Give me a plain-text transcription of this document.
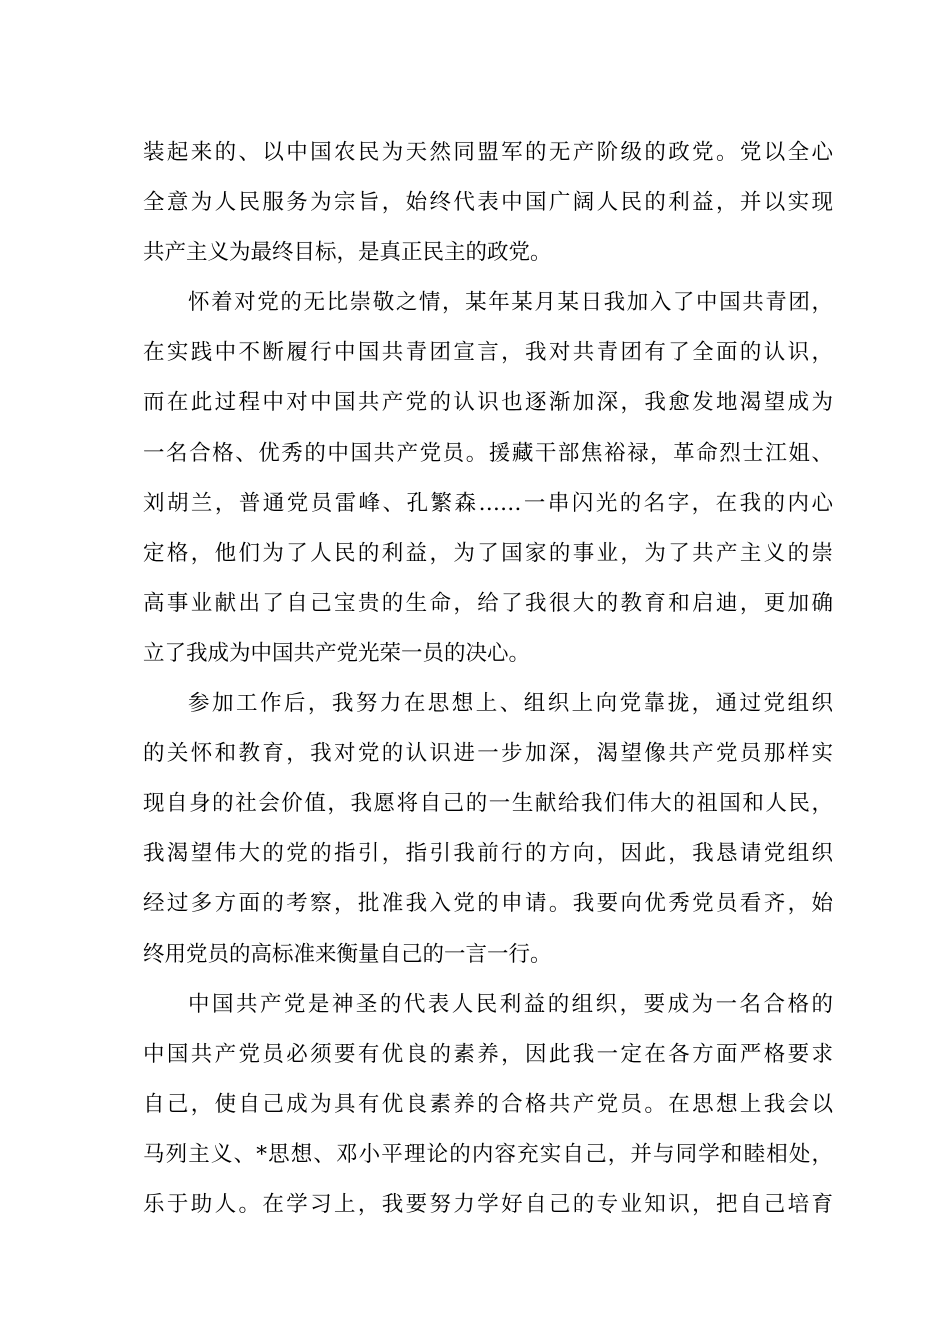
装起来的、以中国农民为天然同盟军的无产阶级的政党。党以全心
全意为人民服务为宗旨，始终代表中国广阔人民的利益，并以实现
共产主义为最终目标，是真正民主的政党。
怀着对党的无比崇敬之情，某年某月某日我加入了中国共青团，
在实践中不断履行中国共青团宣言，我对共青团有了全面的认识，
而在此过程中对中国共产党的认识也逐渐加深，我愈发地渴望成为
一名合格、优秀的中国共产党员。援藏干部焦裕禄，革命烈士江姐、
刘胡兰，普通党员雷峰、孔繁森……一串闪光的名字，在我的内心
定格，他们为了人民的利益，为了国家的事业，为了共产主义的崇
高事业献出了自己宝贵的生命，给了我很大的教育和启迪，更加确
立了我成为中国共产党光荣一员的决心。
参加工作后，我努力在思想上、组织上向党靠拢，通过党组织
的关怀和教育，我对党的认识进一步加深，渴望像共产党员那样实
现自身的社会价值，我愿将自己的一生献给我们伟大的祖国和人民，
我渴望伟大的党的指引，指引我前行的方向，因此，我恳请党组织
经过多方面的考察，批准我入党的申请。我要向优秀党员看齐，始
终用党员的高标准来衡量自己的一言一行。
中国共产党是神圣的代表人民利益的组织，要成为一名合格的
中国共产党员必须要有优良的素养，因此我一定在各方面严格要求
自己，使自己成为具有优良素养的合格共产党员。在思想上我会以
马列主义、*思想、邓小平理论的内容充实自己，并与同学和睦相处，
乐于助人。在学习上，我要努力学好自己的专业知识，把自己培育
